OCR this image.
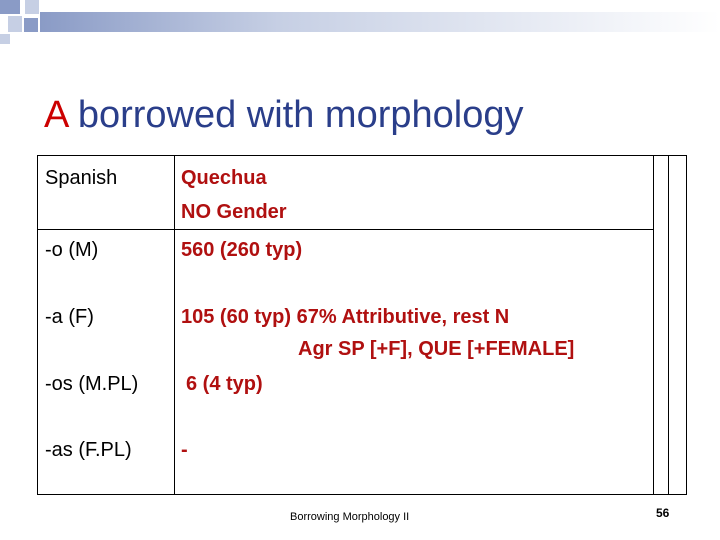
A borrowed with morphology
Spanish	Quechua
NO Gender
-o (M)	560 (260 typ)
-a (F)	105 (60 typ) 67% Attributive, rest N
Agr SP [+F], QUE [+FEMALE]
-os (M.PL) 6 (4 typ)
-as (F.PL) -
Borrowing Morphology II	56
